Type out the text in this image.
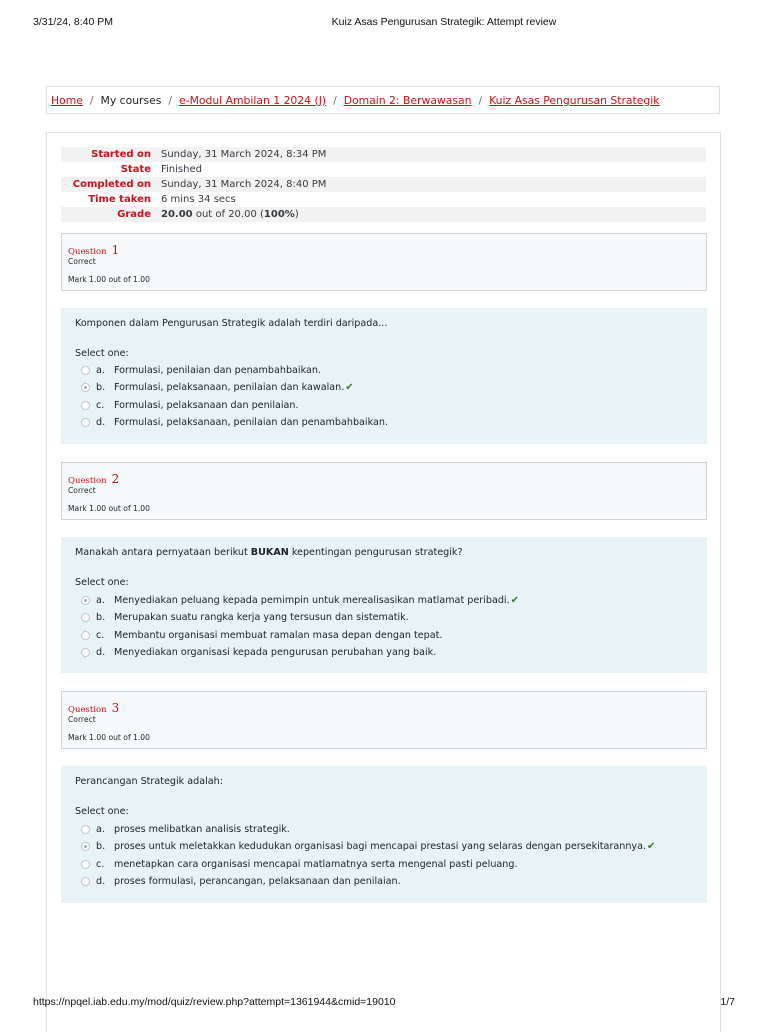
3/31/24, 8:40 PM	Kuiz Asas Pengurusan Strategik: Attempt review
Home / My courses / e-Modul Ambilan 1 2024 (J) / Domain 2: Berwawasan / Kuiz Asas Pengurusan Strategik
Started on	Sunday, 31 March 2024, 8:34 PM
State	Finished
Completed on	Sunday, 31 March 2024, 8:40 PM
Time taken	6 mins 34 secs
Grade	20.00 out of 20.00 (100%)
Question 1
Correct
Mark 1.00 out of 1.00
Komponen dalam Pengurusan Strategik adalah terdiri daripada...
Select one:
a. Formulasi, penilaian dan penambahbaikan.
b. Formulasi, pelaksanaan, penilaian dan kawalan. ✔
c.	Formulasi, pelaksanaan dan penilaian.
d. Formulasi, pelaksanaan, penilaian dan penambahbaikan.
Question 2
Correct
Mark 1.00 out of 1.00
Manakah antara pernyataan berikut BUKAN kepentingan pengurusan strategik?
Select one:
a. Menyediakan peluang kepada pemimpin untuk merealisasikan matlamat peribadi. ✔
b. Merupakan suatu rangka kerja yang tersusun dan sistematik.
c.	Membantu organisasi membuat ramalan masa depan dengan tepat.
d. Menyediakan organisasi kepada pengurusan perubahan yang baik.
Question 3
Correct
Mark 1.00 out of 1.00
Perancangan Strategik adalah:
Select one:
a. proses melibatkan analisis strategik.
b. proses untuk meletakkan kedudukan organisasi bagi mencapai prestasi yang selaras dengan persekitarannya. ✔
c.	menetapkan cara organisasi mencapai matlamatnya serta mengenal pasti peluang.
d. proses formulasi, perancangan, pelaksanaan dan penilaian.
https://npqel.iab.edu.my/mod/quiz/review.php?attempt=1361944&cmid=19010	1/7
